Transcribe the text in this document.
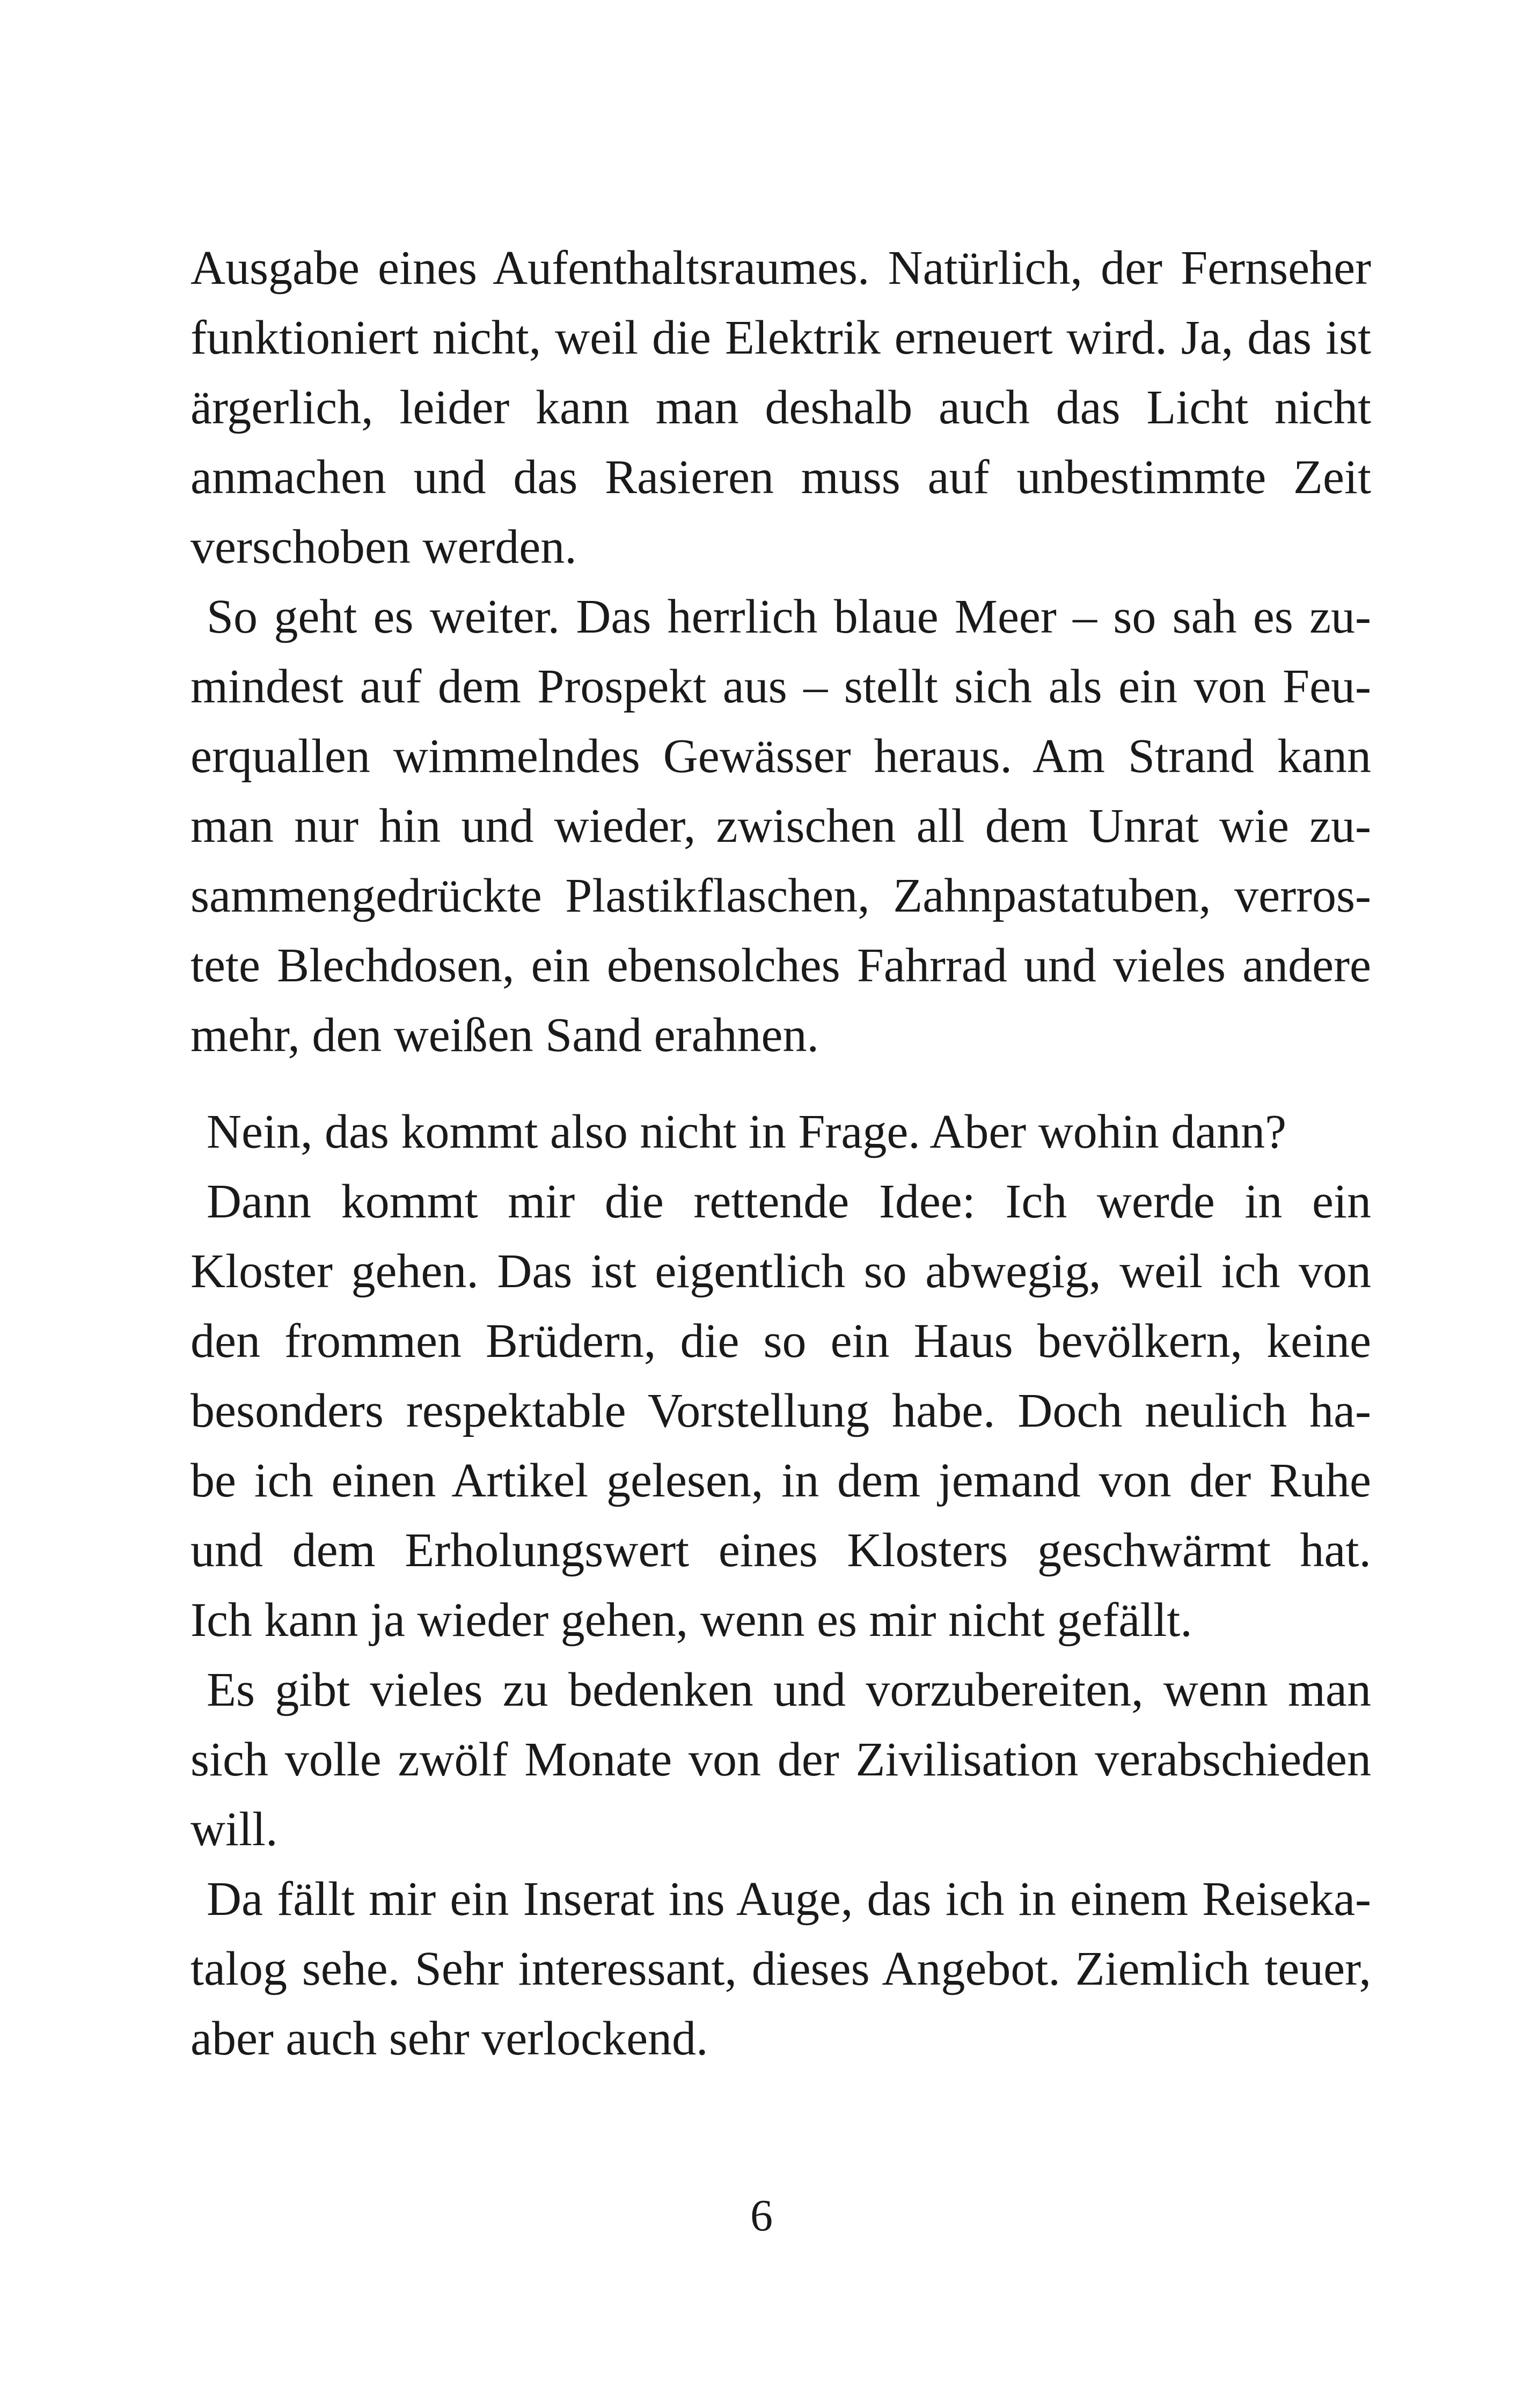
Ausgabe eines Aufenthaltsraumes. Natürlich, der Fernseher
funktioniert nicht, weil die Elektrik erneuert wird. Ja, das ist
ärgerlich, leider kann man deshalb auch das Licht nicht
anmachen und das Rasieren muss auf unbestimmte Zeit
verschoben werden.
So geht es weiter. Das herrlich blaue Meer – so sah es zu-
mindest auf dem Prospekt aus – stellt sich als ein von Feu-
erquallen wimmelndes Gewässer heraus. Am Strand kann
man nur hin und wieder, zwischen all dem Unrat wie zu-
sammengedrückte Plastikflaschen, Zahnpastatuben, verros-
tete Blechdosen, ein ebensolches Fahrrad und vieles andere
mehr, den weißen Sand erahnen.
Nein, das kommt also nicht in Frage. Aber wohin dann?
Dann kommt mir die rettende Idee: Ich werde in ein
Kloster gehen. Das ist eigentlich so abwegig, weil ich von
den frommen Brüdern, die so ein Haus bevölkern, keine
besonders respektable Vorstellung habe. Doch neulich ha-
be ich einen Artikel gelesen, in dem jemand von der Ruhe
und dem Erholungswert eines Klosters geschwärmt hat.
Ich kann ja wieder gehen, wenn es mir nicht gefällt.
Es gibt vieles zu bedenken und vorzubereiten, wenn man
sich volle zwölf Monate von der Zivilisation verabschieden
will.
Da fällt mir ein Inserat ins Auge, das ich in einem Reiseka-
talog sehe. Sehr interessant, dieses Angebot. Ziemlich teuer,
aber auch sehr verlockend.
6
